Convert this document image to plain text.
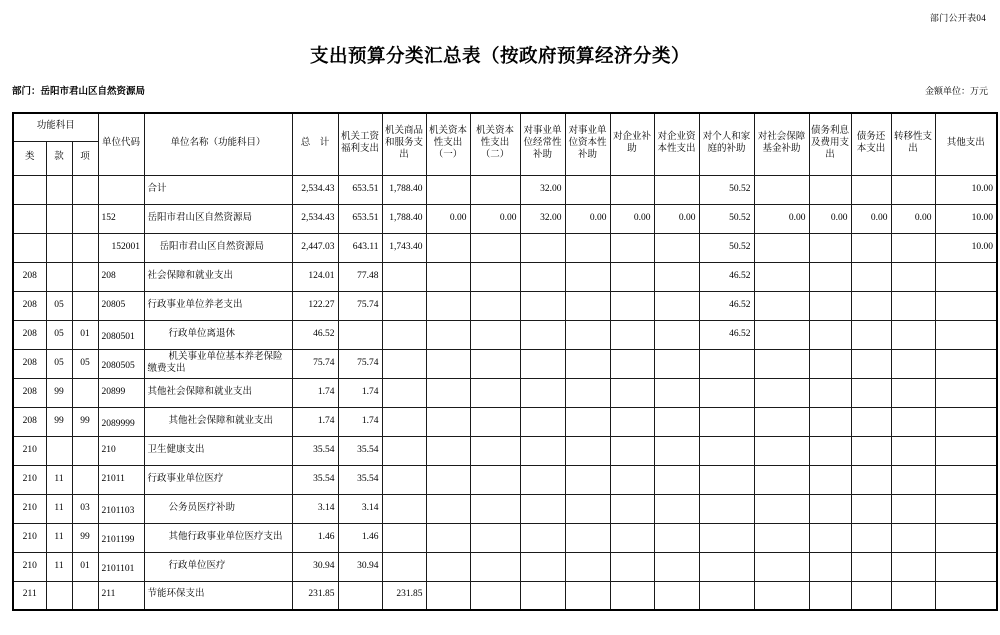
部门公开表04
支出预算分类汇总表（按政府预算经济分类）
部门：岳阳市君山区自然资源局	金额单位：万元
功能科目			单位代码	单位名称（功能科目）	总　计	机关工资福利支出	机关商品和服务支出	机关资本性支出（一）	机关资本性支出（二）	对事业单位经常性补助	对事业单位资本性补助	对企业补助	对企业资本性支出	对个人和家庭的补助	对社会保障基金补助	债务利息及费用支出	债务还本支出	转移性支出	其他支出
类	款	项																	
				合计	2,534.43	653.51	1,788.40			32.00				50.52					10.00
			152	岳阳市君山区自然资源局	2,534.43	653.51	1,788.40	0.00	0.00	32.00	0.00	0.00	0.00	50.52	0.00	0.00	0.00	0.00	10.00
			152001	岳阳市君山区自然资源局	2,447.03	643.11	1,743.40							50.52					10.00
208			208	社会保障和就业支出	124.01	77.48								46.52					
208	05		20805	行政事业单位养老支出	122.27	75.74								46.52					
208	05	01	2080501	行政单位离退休	46.52									46.52					
208	05	05	2080505	机关事业单位基本养老保险缴费支出	75.74	75.74													
208	99		20899	其他社会保障和就业支出	1.74	1.74													
208	99	99	2089999	其他社会保障和就业支出	1.74	1.74													
210			210	卫生健康支出	35.54	35.54													
210	11		21011	行政事业单位医疗	35.54	35.54													
210	11	03	2101103	公务员医疗补助	3.14	3.14													
210	11	99	2101199	其他行政事业单位医疗支出	1.46	1.46													
210	11	01	2101101	行政单位医疗	30.94	30.94													
211			211	节能环保支出	231.85		231.85												
